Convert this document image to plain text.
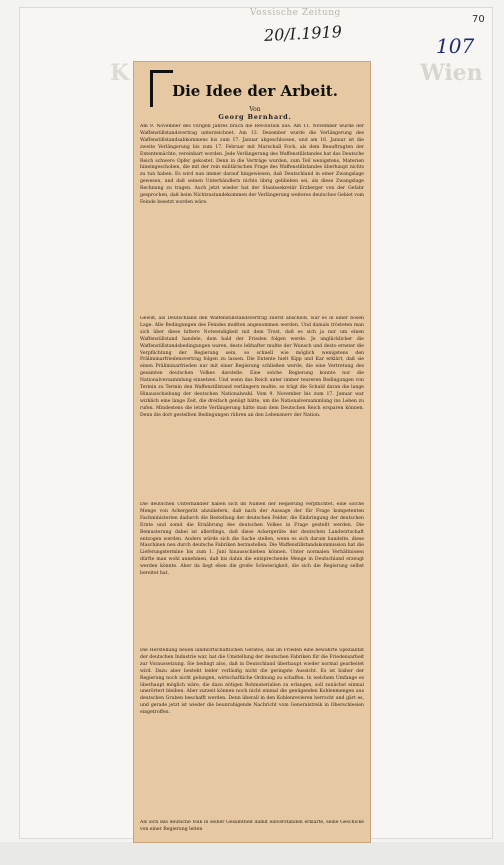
Vossische Zeitung
K	Wien
20/I.1919
107
70
Die Idee der Arbeit.
Von
Georg Bernhard.
Am 9. November des vorigen Jahres brach die Revolution aus. Am 11. November wurde der Waffenstillstandsvertrag unterzeichnet. Am 13. Dezember wurde die Verlängerung des Waffenstillstandsabkommens bis zum 17. Januar abgeschlossen, und am 16. Januar ist die zweite Verlängerung bis zum 17. Februar mit Marschall Foch, als dem Beauftragten der Ententemächte, vereinbart worden. Jede Verlängerung des Waffenstillstandes hat das Deutsche Reich schwere Opfer gekostet. Denn in die Verträge wurden, zum Teil wenigstens, Materien hineingeschoben, die mit der rein militärischen Frage des Waffenstillstandes überhaupt nichts zu tun haben. Es wird nun immer darauf hingewiesen, daß Deutschland in einer Zwangslage gewesen, und daß seinen Unterhändlern nichts übrig geblieben sei, als diese Zwangslage Rechnung zu tragen. Auch jetzt wieder hat der Staatssekretär Erzberger von der Gefahr gesprochen, daß beim Nichtzustandekommen der Verlängerung weiteres deutsches Gebiet vom Feinde besetzt worden wäre.
Gewiß, als Deutschland den Waffenstillstandsvertrag zuerst abschloß, war es in einer bösen Lage. Alle Bedingungen des Feindes mußten angenommen werden. Und damals trösteten man sich über diese bittere Notwendigkeit mit dem Trost, daß es sich ja nur um einen Waffenstillstand handele, dem bald der Frieden folgen werde. Je unglücklicher die Waffenstillstandsbedingungen waren, desto lebhafter mußte der Wunsch und desto ernster die Verpflichtung der Regierung sein, so schnell wie möglich wenigstens den Präliminarfriedensvertrag folgen zu lassen. Die Entente hielt Kipp und Kar erklärt, daß sie einen Präliminarfrieden nur mit einer Regierung schließen werde, die eine Vertretung des gesamten deutschen Volkes darstelle. Eine solche Regierung konnte nur die Nationalversammlung einsetzen. Und wenn das Reich unter immer teureren Bedingungen von Termin zu Termin den Waffenstillstand verlängern mußte, so trägt die Schuld daran die lange Hinausschiebung der deutschen Nationalwahl. Vom 9. November bis zum 17. Januar war wirklich eine lange Zeit, die dreifach genügt hätte, um die Nationalversammlung ins Leben zu rufen. Mindestens die letzte Verlängerung hätte man dem Deutschen Reich ersparen können. Denn die dort gestellten Bedingungen rühren an den Lebensnerv der Nation.
Die deutschen Unterhändler haben sich im Namen der Regierung verpflichtet, eine solche Menge von Ackergerät abzuliefern, daß nach der Aussage der für Frage kompetenten Fachministerien dadurch die Bestellung der deutschen Felder, die Einbringung der deutschen Ernte und somit die Ernährung des deutschen Volkes in Frage gestellt werden. Die Bemusterung dabei ist allerdings, daß diese Ackergeräte der deutschen Landwirtschaft entzogen werden. Anders würde sich die Sache stellen, wenn es sich darum handelte, diese Maschinen neu durch deutsche Fabriken herzustellen. Die Waffenstillstandskommission hat die Lieferungstermine bis zum 1. Juni hinausschieben können. Unter normalen Verhältnissen dürfte man wohl annehmen, daß bis dahin die entsprechende Menge in Deutschland erzeugt werden könnte. Aber da liegt eben die große Schwierigkeit, die sich die Regierung selbst bereitet hat.
Die Herstellung neuen landwirtschaftlichen Gerätes, das im Frieden eine bewährte Spezialität der deutschen Industrie war, hat die Umstellung der deutschen Fabriken für die Friedensarbeit zur Voraussetzung. Sie bedingt also, daß in Deutschland überhaupt wieder normal gearbeitet wird. Dazu aber besteht leider vorläufig nicht die geringste Aussicht. Es ist bisher der Regierung noch nicht gelungen, wirtschaftliche Ordnung zu schaffen. In welchem Umfange es überhaupt möglich wäre, die dazu nötigen Rohmaterialien zu erlangen, soll zunächst einmal unerörtert bleiben. Aber zurzeit können noch nicht einmal die genügenden Kohlenmengen aus deutschen Gruben beschafft werden. Denn überall in den Kohlenrevieren herrscht und gärt es, und gerade jetzt ist wieder die beunruhigende Nachricht vom Generalstreik in Oberschlesien eingetroffen.
Als sich das deutsche Volk in seiner Gesamtheit damit einverstanden erklärte, seine Geschicke von einer Regierung leiten
